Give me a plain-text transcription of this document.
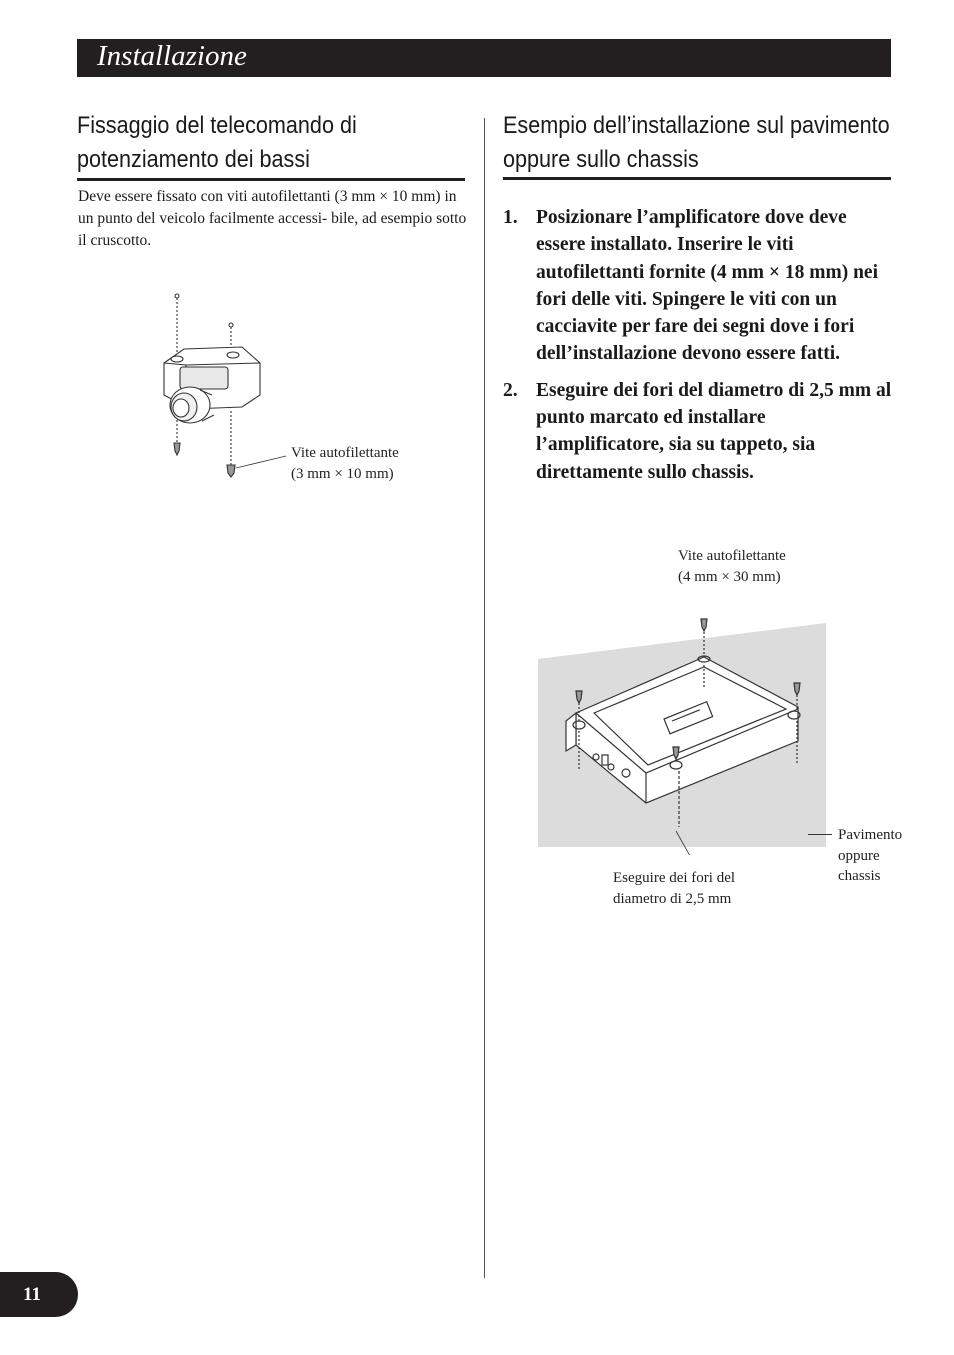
Installazione
Fissaggio del telecomando di potenziamento dei bassi

Deve essere fissato con viti autofilettanti (3 mm × 10 mm) in un punto del veicolo facilmente accessi- bile, ad esempio sotto il cruscotto.

Vite autofilettante
(3 mm × 10 mm)
Esempio dell’installazione sul pavimento oppure sullo chassis
1. Posizionare l’amplificatore dove deve essere installato. Inserire le viti autofilettanti fornite (4 mm × 18 mm) nei fori delle viti. Spingere le viti con un cacciavite per fare dei segni dove i fori dell’installazione devono essere fatti.
2. Eseguire dei fori del diametro di 2,5 mm al punto marcato ed installare l’amplificatore, sia su tappeto, sia direttamente sullo chassis.
Vite autofilettante
(4 mm × 30 mm)
Pavimento
oppure
chassis
Eseguire dei fori del
diametro di 2,5 mm
11
